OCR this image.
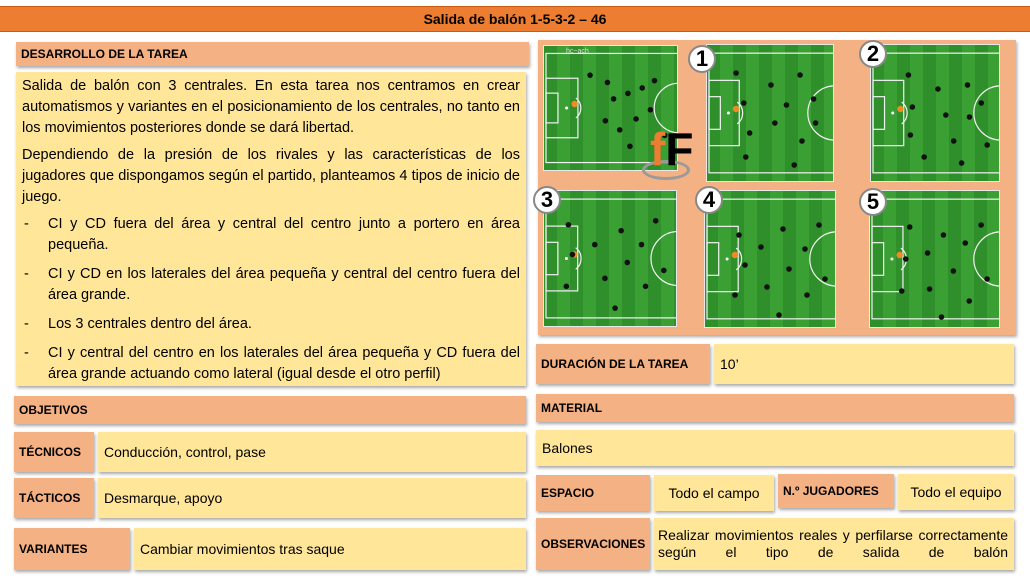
Salida de balón 1-5-3-2 – 46
DESARROLLO DE LA TAREA

Salida de balón con 3 centrales. En esta tarea nos centramos en crear automatismos y variantes en el posicionamiento de los centrales, no tanto en los movimientos posteriores donde se dará libertad.

Dependiendo de la presión de los rivales y las características de los jugadores que dispongamos según el partido, planteamos 4 tipos de inicio de juego.

- CI y CD fuera del área y central del centro junto a portero en área pequeña.
- CI y CD en los laterales del área pequeña y central del centro fuera del área grande.
- Los 3 centrales dentro del área.
- CI y central del centro en los laterales del área pequeña y CD fuera del área grande actuando como lateral (igual desde el otro perfil)
hc~ach
fF
1	2
3	4	5
OBJETIVOS
TÉCNICOS	Conducción, control, pase
TÁCTICOS	Desmarque, apoyo
VARIANTES	Cambiar movimientos tras saque
DURACIÓN DE LA TAREA	10’
MATERIAL
Balones
ESPACIO	Todo el campo	N.º JUGADORES	Todo el equipo
OBSERVACIONES
Realizar movimientos reales y perfilarse correctamente según el tipo de salida de balón
